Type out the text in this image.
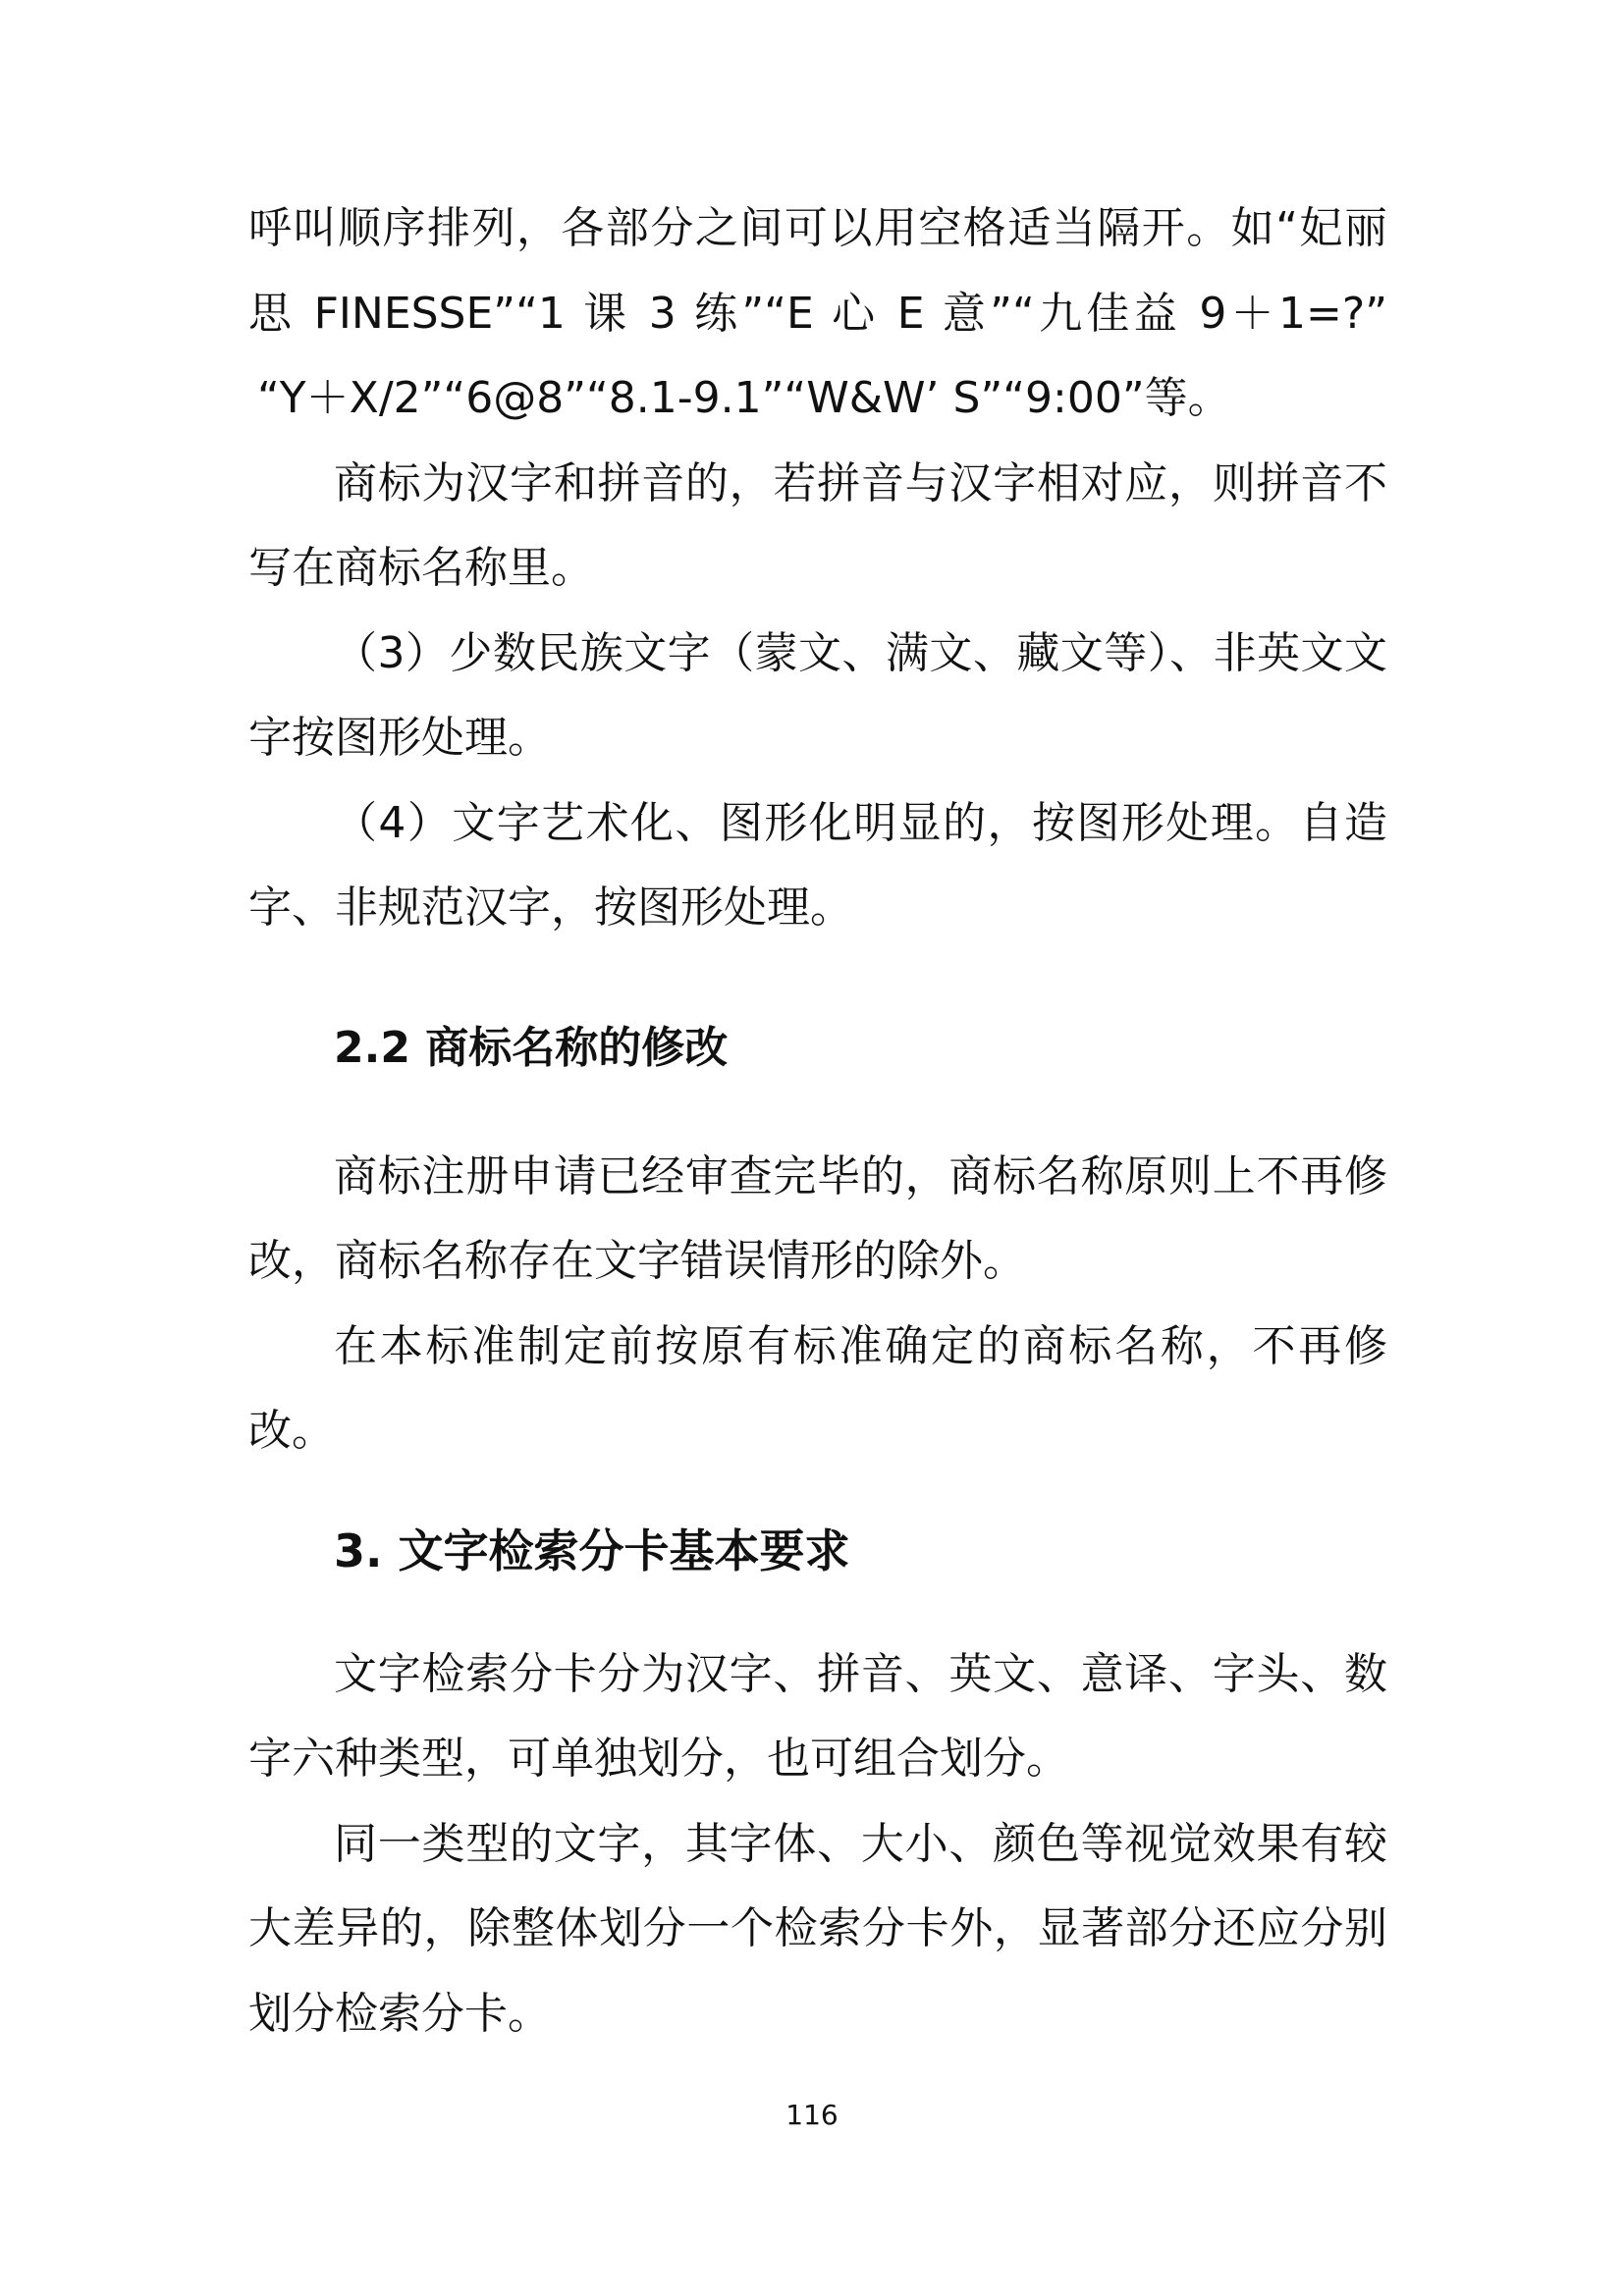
呼叫顺序排列，各部分之间可以用空格适当隔开。如“妃丽
思 FINESSE”“1 课 3 练”“E 心 E 意”“九佳益 9＋1=?”
“Y＋X/2”“6@8”“8.1-9.1”“W&W’ S”“9:00”等。
商标为汉字和拼音的，若拼音与汉字相对应，则拼音不
写在商标名称里。
（3）少数民族文字（蒙文、满文、藏文等）、非英文文
字按图形处理。
（4）文字艺术化、图形化明显的，按图形处理。自造
字、非规范汉字，按图形处理。
2.2 商标名称的修改
商标注册申请已经审查完毕的，商标名称原则上不再修
改，商标名称存在文字错误情形的除外。
在本标准制定前按原有标准确定的商标名称，不再修
改。
3. 文字检索分卡基本要求
文字检索分卡分为汉字、拼音、英文、意译、字头、数
字六种类型，可单独划分，也可组合划分。
同一类型的文字，其字体、大小、颜色等视觉效果有较
大差异的，除整体划分一个检索分卡外，显著部分还应分别
划分检索分卡。
116
